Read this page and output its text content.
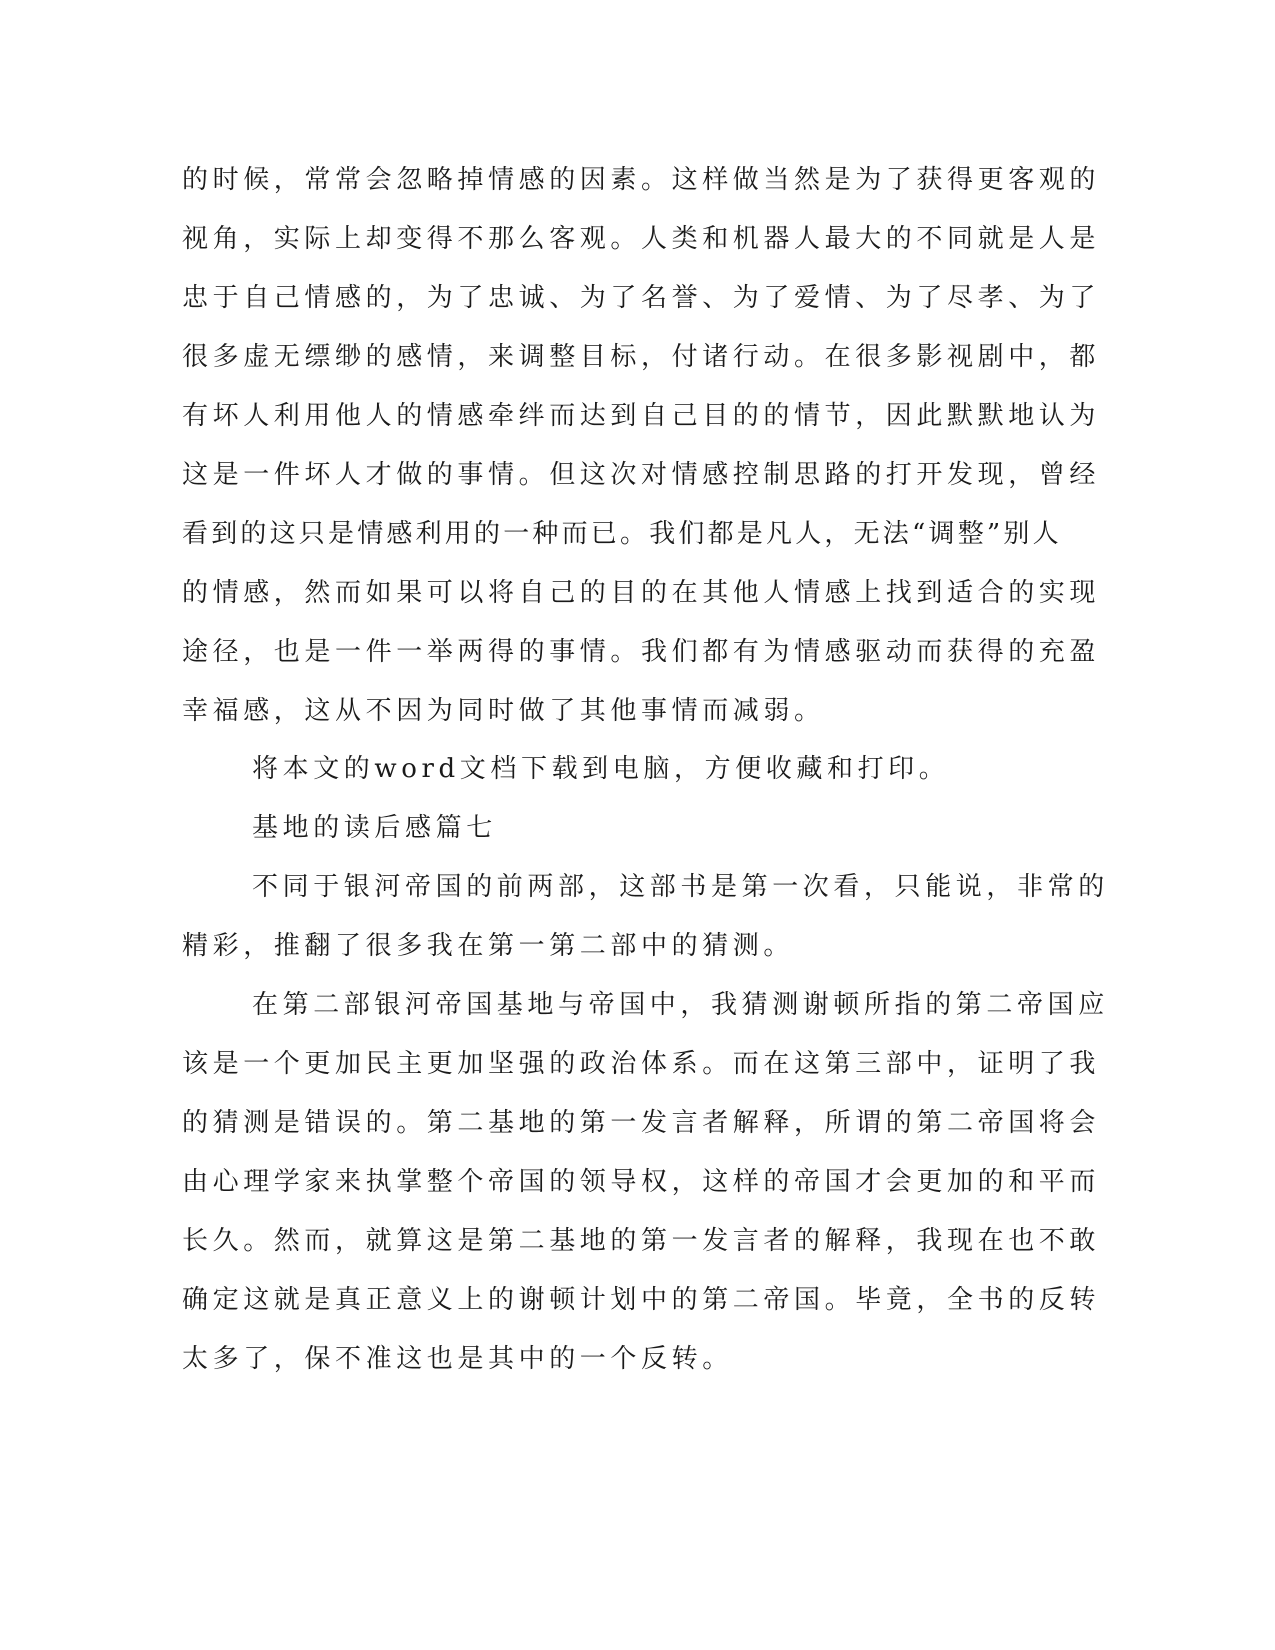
的时候，常常会忽略掉情感的因素。这样做当然是为了获得更客观的
视角，实际上却变得不那么客观。人类和机器人最大的不同就是人是
忠于自己情感的，为了忠诚、为了名誉、为了爱情、为了尽孝、为了
很多虚无缥缈的感情，来调整目标，付诸行动。在很多影视剧中，都
有坏人利用他人的情感牵绊而达到自己目的的情节，因此默默地认为
这是一件坏人才做的事情。但这次对情感控制思路的打开发现，曾经
看到的这只是情感利用的一种而已。我们都是凡人，无法“调整”别人
的情感，然而如果可以将自己的目的在其他人情感上找到适合的实现
途径，也是一件一举两得的事情。我们都有为情感驱动而获得的充盈
幸福感，这从不因为同时做了其他事情而减弱。
将本文的word文档下载到电脑，方便收藏和打印。
基地的读后感篇七
不同于银河帝国的前两部，这部书是第一次看，只能说，非常的
精彩，推翻了很多我在第一第二部中的猜测。
在第二部银河帝国基地与帝国中，我猜测谢顿所指的第二帝国应
该是一个更加民主更加坚强的政治体系。而在这第三部中，证明了我
的猜测是错误的。第二基地的第一发言者解释，所谓的第二帝国将会
由心理学家来执掌整个帝国的领导权，这样的帝国才会更加的和平而
长久。然而，就算这是第二基地的第一发言者的解释，我现在也不敢
确定这就是真正意义上的谢顿计划中的第二帝国。毕竟，全书的反转
太多了，保不准这也是其中的一个反转。
